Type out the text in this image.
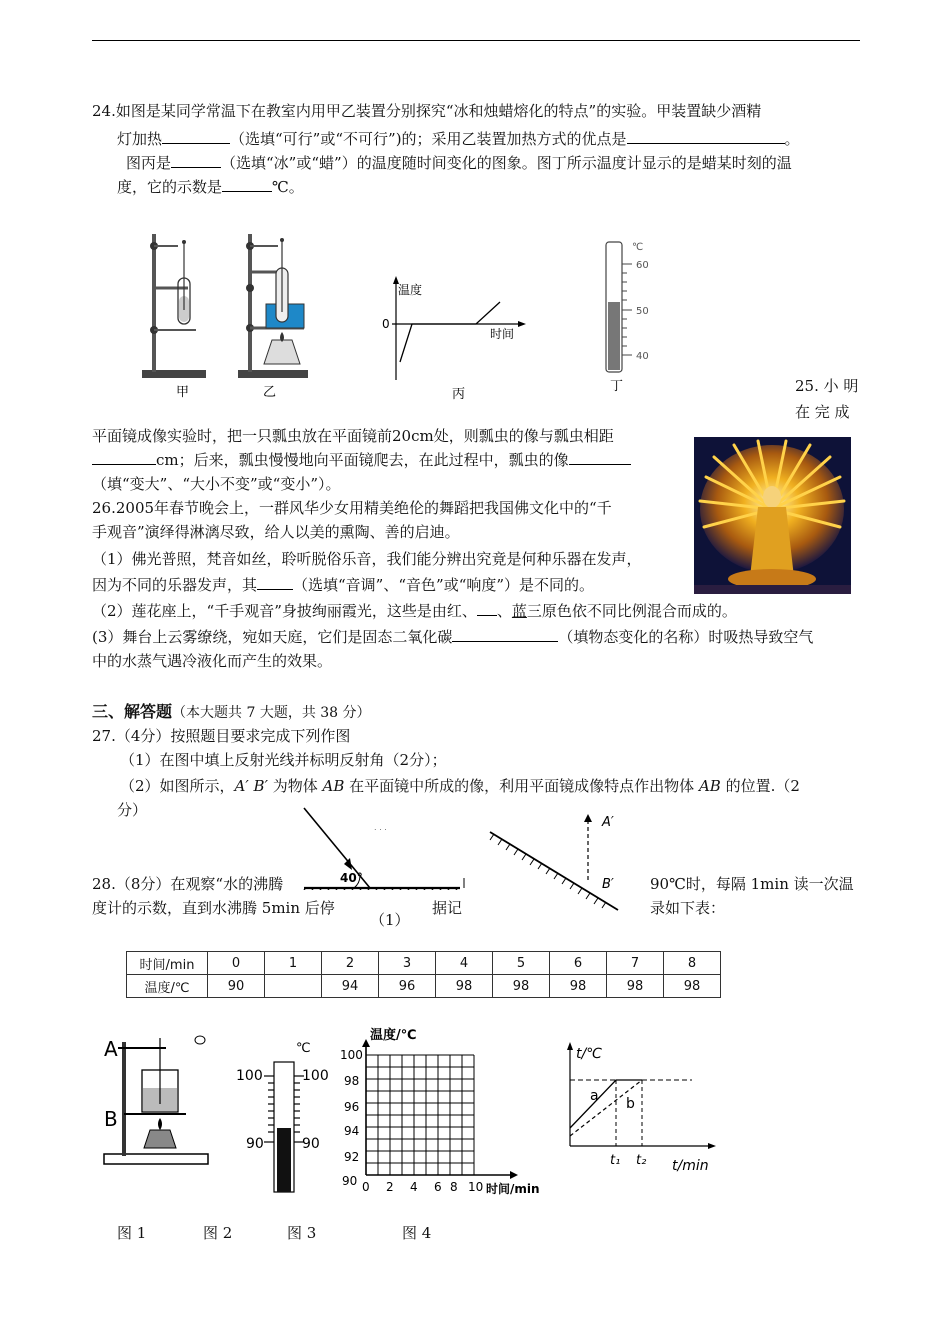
24.如图是某同学常温下在教室内用甲乙装置分别探究“冰和烛蜡熔化的特点”的实验。甲装置缺少酒精
灯加热	（选填“可行”或“不可行”)的；采用乙装置加热方式的优点是	。
图丙是	（选填“冰”或“蜡”）的温度随时间变化的图象。图丁所示温度计显示的是蜡某时刻的温
度，它的示数是	℃。
甲	乙
温度
时间
0
丙
℃
60
50
40
丁	25. 小 明
在 完 成
平面镜成像实验时，把一只瓢虫放在平面镜前20cm处，则瓢虫的像与瓢虫相距
cm；后来，瓢虫慢慢地向平面镜爬去，在此过程中，瓢虫的像
（填“变大”、“大小不变”或“变小”）。
26.2005年春节晚会上，一群风华少女用精美绝伦的舞蹈把我国佛文化中的“千
手观音”演绎得淋漓尽致，给人以美的熏陶、善的启迪。
（1）佛光普照，梵音如丝，聆听脱俗乐音，我们能分辨出究竟是何种乐器在发声，
因为不同的乐器发声，其 （选填“音调”、“音色”或“响度”）是不同的。
（2）莲花座上，“千手观音”身披绚丽霞光，这些是由红、 、蓝三原色依不同比例混合而成的。
(3）舞台上云雾缭绕，宛如天庭，它们是固态二氧化碳	（填物态变化的名称）时吸热导致空气
中的水蒸气遇冷液化而产生的效果。
三、解答题（本大题共 7 大题，共 38 分）
27.（4分）按照题目要求完成下列作图
（1）在图中填上反射光线并标明反射角（2分）；
（2）如图所示，A′ B′ 为物体 AB 在平面镜中所成的像，利用平面镜成像特点作出物体 AB 的位置.（2
分）
40°
. . .
（1）
A′
B′
28.（8分）在观察“水的沸腾	90℃时，每隔 1min 读一次温
度计的示数，直到水沸腾 5min 后停	据记	录如下表：
时间/min	0	1	2	3	4	5	6	7	8
温度/℃	90		94	96	98	98	98	98	98
A
B
℃
100	100
90	90
温度/℃
100
98
96
94
92
90 0 2 4 6 8 10 时间/min
t/℃
a b
t₁ t₂ t/min
图 1	图 2	图 3	图 4
